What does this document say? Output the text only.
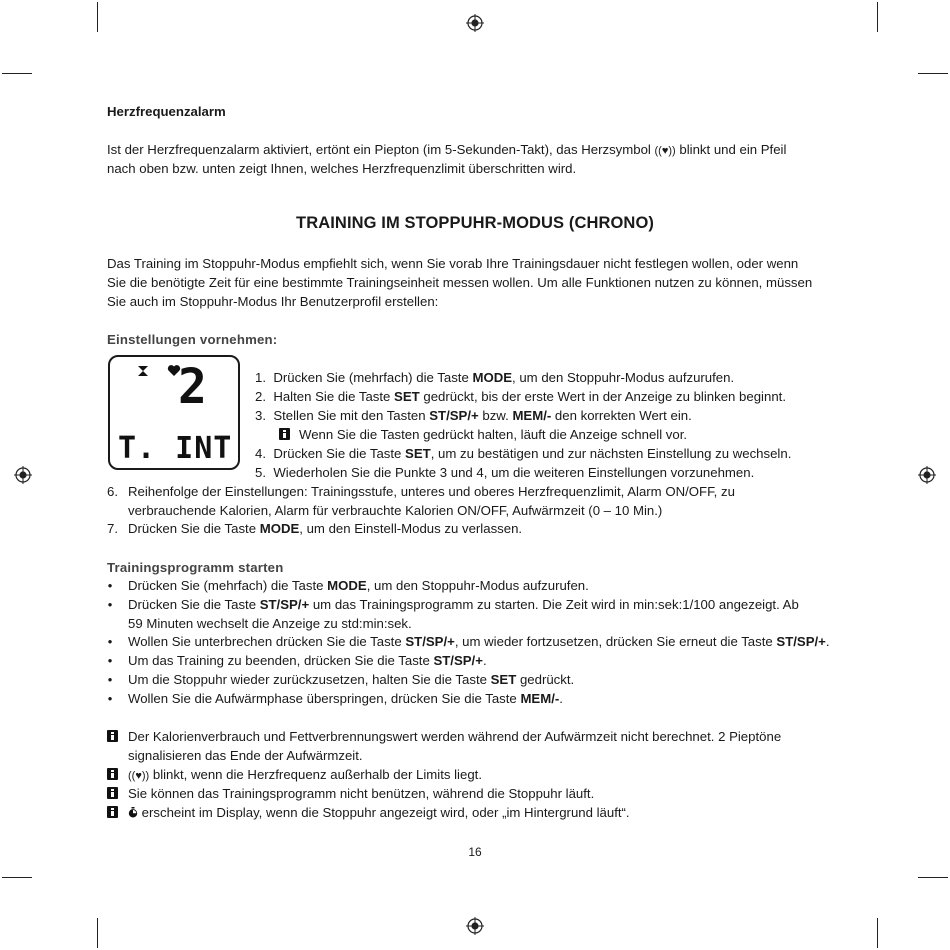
Herzfrequenzalarm
Ist der Herzfrequenzalarm aktiviert, ertönt ein Piepton (im 5-Sekunden-Takt), das Herzsymbol ((♥)) blinkt und ein Pfeil
nach oben bzw. unten zeigt Ihnen, welches Herzfrequenzlimit überschritten wird.
TRAINING IM STOPPUHR-MODUS (CHRONO)
Das Training im Stoppuhr-Modus empfiehlt sich, wenn Sie vorab Ihre Trainingsdauer nicht festlegen wollen, oder wenn
Sie die benötigte Zeit für eine bestimmte Trainingseinheit messen wollen. Um alle Funktionen nutzen zu können, müssen
Sie auch im Stoppuhr-Modus Ihr Benutzerprofil erstellen:
Einstellungen vornehmen:
2
T. INT
1. Drücken Sie (mehrfach) die Taste MODE, um den Stoppuhr-Modus aufzurufen.
2. Halten Sie die Taste SET gedrückt, bis der erste Wert in der Anzeige zu blinken beginnt.
3. Stellen Sie mit den Tasten ST/SP/+ bzw. MEM/- den korrekten Wert ein.
Wenn Sie die Tasten gedrückt halten, läuft die Anzeige schnell vor.
4. Drücken Sie die Taste SET, um zu bestätigen und zur nächsten Einstellung zu wechseln.
5. Wiederholen Sie die Punkte 3 und 4, um die weiteren Einstellungen vorzunehmen.
6. Reihenfolge der Einstellungen: Trainingsstufe, unteres und oberes Herzfrequenzlimit, Alarm ON/OFF, zu
verbrauchende Kalorien, Alarm für verbrauchte Kalorien ON/OFF, Aufwärmzeit (0 – 10 Min.)
7. Drücken Sie die Taste MODE, um den Einstell-Modus zu verlassen.
Trainingsprogramm starten
• Drücken Sie (mehrfach) die Taste MODE, um den Stoppuhr-Modus aufzurufen.
• Drücken Sie die Taste ST/SP/+ um das Trainingsprogramm zu starten. Die Zeit wird in min:sek:1/100 angezeigt. Ab
59 Minuten wechselt die Anzeige zu std:min:sek.
• Wollen Sie unterbrechen drücken Sie die Taste ST/SP/+, um wieder fortzusetzen, drücken Sie erneut die Taste ST/SP/+.
• Um das Training zu beenden, drücken Sie die Taste ST/SP/+.
• Um die Stoppuhr wieder zurückzusetzen, halten Sie die Taste SET gedrückt.
• Wollen Sie die Aufwärmphase überspringen, drücken Sie die Taste MEM/-.
Der Kalorienverbrauch und Fettverbrennungswert werden während der Aufwärmzeit nicht berechnet. 2 Pieptöne
signalisieren das Ende der Aufwärmzeit.
((♥)) blinkt, wenn die Herzfrequenz außerhalb der Limits liegt.
Sie können das Trainingsprogramm nicht benützen, während die Stoppuhr läuft.
erscheint im Display, wenn die Stoppuhr angezeigt wird, oder „im Hintergrund läuft“.
16
